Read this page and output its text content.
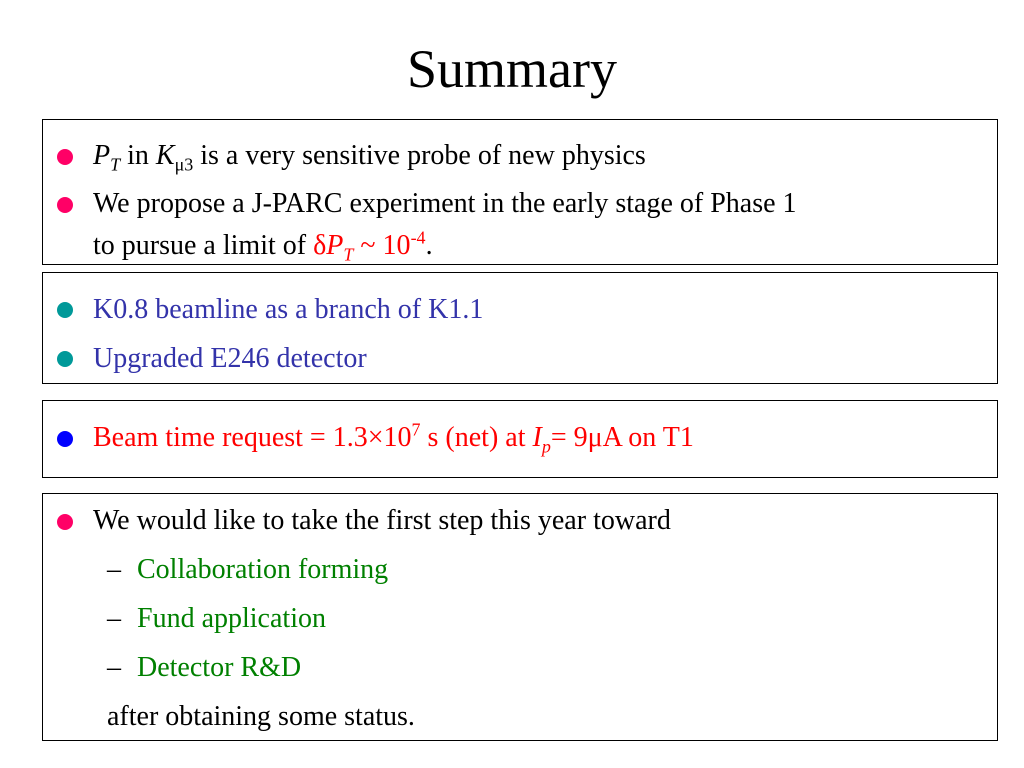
Summary
$P_T$ in $K_{\mu 3}$ is a very sensitive probe of new physics
We propose a J-PARC experiment in the early stage of Phase 1
to pursue a limit of $\delta P_T$ ~ $10^{-4}$.
K0.8 beamline as a branch of K1.1
Upgraded E246 detector
Beam time request = $1.3\times 10^7$ s (net) at $I_p= 9\mu A$ on T1
We would like to take the first step this year toward
– Collaboration forming
– Fund application
– Detector R&D
after obtaining some status.
